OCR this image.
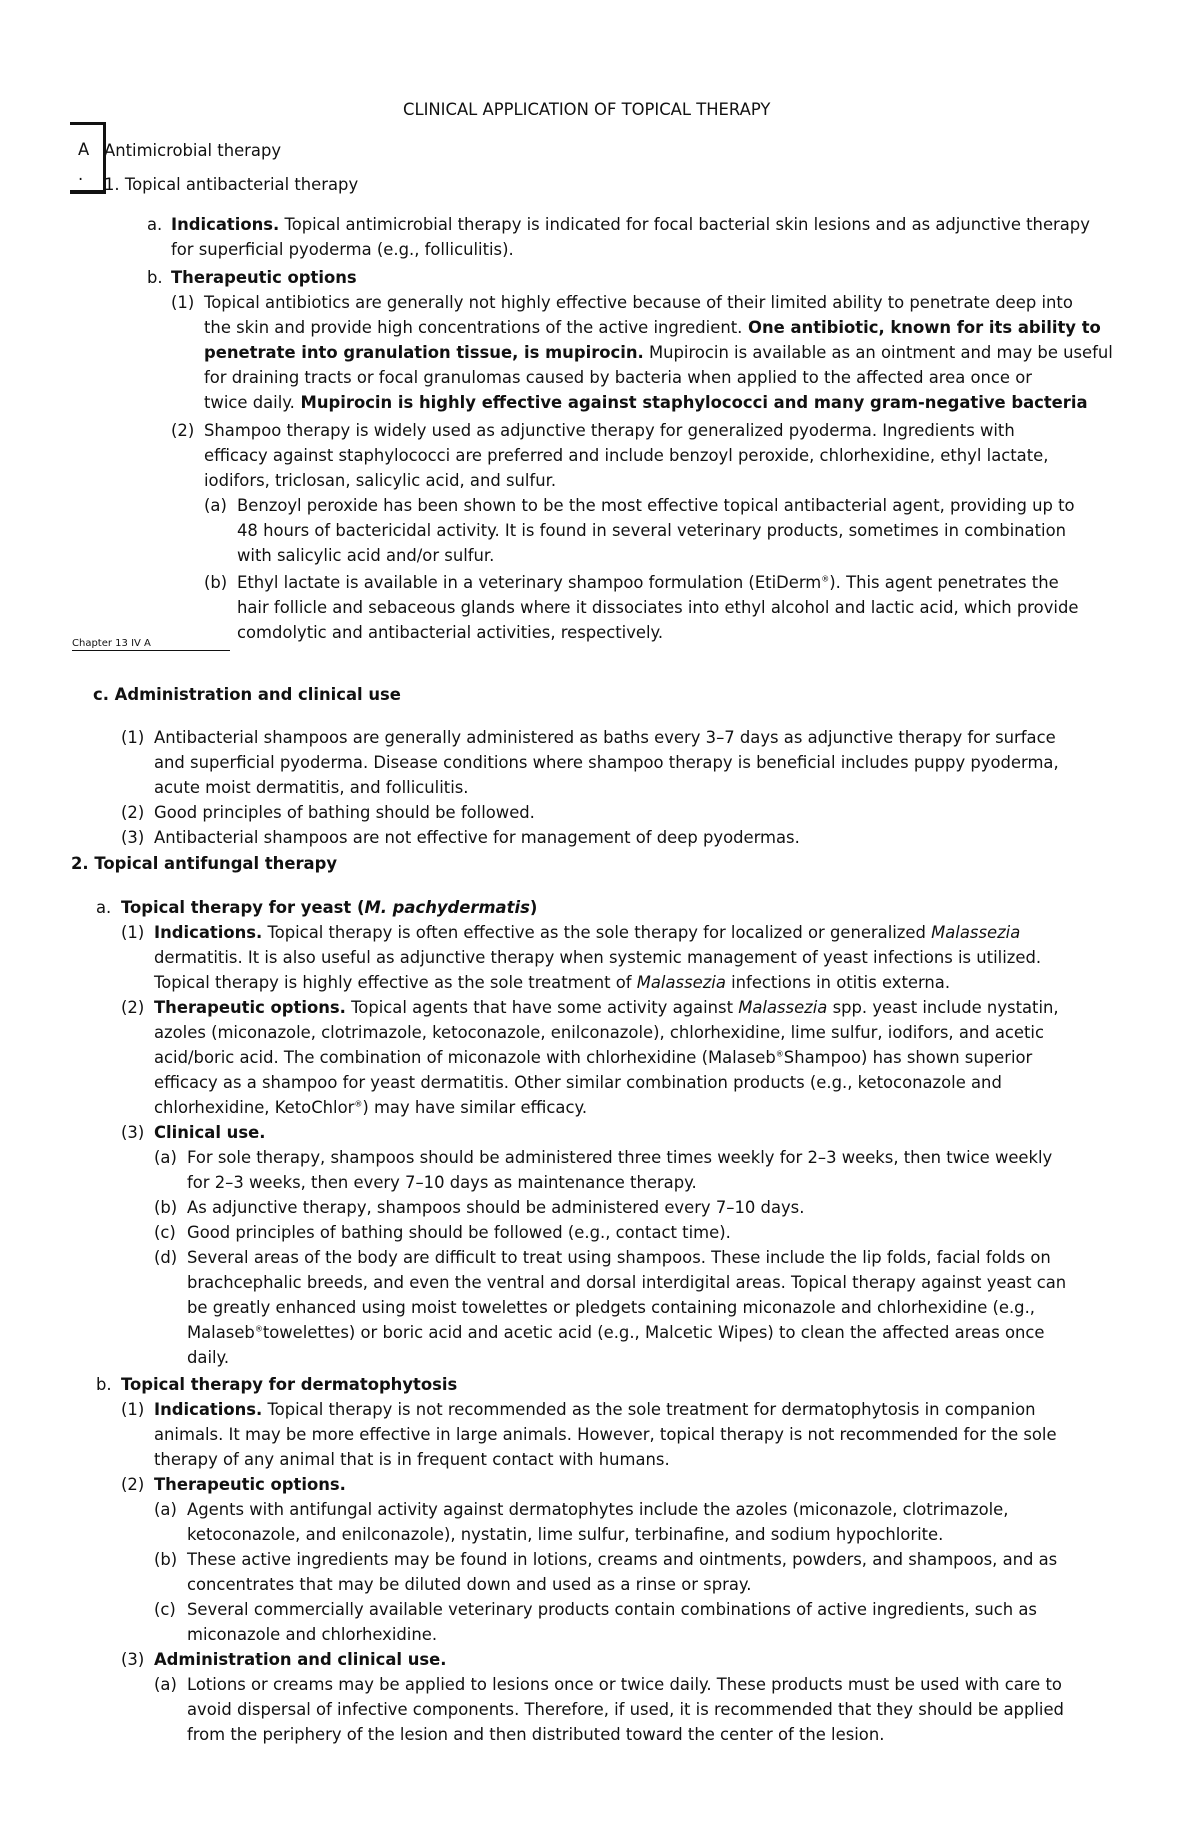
CLINICAL APPLICATION OF TOPICAL THERAPY
A
.
Antimicrobial therapy
1. Topical antibacterial therapy
a. Indications. Topical antimicrobial therapy is indicated for focal bacterial skin lesions and as adjunctive therapy
for superficial pyoderma (e.g., folliculitis).
b. Therapeutic options
(1) Topical antibiotics are generally not highly effective because of their limited ability to penetrate deep into
the skin and provide high concentrations of the active ingredient. One antibiotic, known for its ability to
penetrate into granulation tissue, is mupirocin. Mupirocin is available as an ointment and may be useful
for draining tracts or focal granulomas caused by bacteria when applied to the affected area once or
twice daily. Mupirocin is highly effective against staphylococci and many gram-negative bacteria
(2) Shampoo therapy is widely used as adjunctive therapy for generalized pyoderma. Ingredients with
efficacy against staphylococci are preferred and include benzoyl peroxide, chlorhexidine, ethyl lactate,
iodifors, triclosan, salicylic acid, and sulfur.
(a) Benzoyl peroxide has been shown to be the most effective topical antibacterial agent, providing up to
48 hours of bactericidal activity. It is found in several veterinary products, sometimes in combination
with salicylic acid and/or sulfur.
(b) Ethyl lactate is available in a veterinary shampoo formulation (EtiDerm®). This agent penetrates the
hair follicle and sebaceous glands where it dissociates into ethyl alcohol and lactic acid, which provide
comdolytic and antibacterial activities, respectively.
Chapter 13 IV A
c. Administration and clinical use
(1) Antibacterial shampoos are generally administered as baths every 3–7 days as adjunctive therapy for surface
and superficial pyoderma. Disease conditions where shampoo therapy is beneficial includes puppy pyoderma,
acute moist dermatitis, and folliculitis.
(2) Good principles of bathing should be followed.
(3) Antibacterial shampoos are not effective for management of deep pyodermas.
2. Topical antifungal therapy
a. Topical therapy for yeast (M. pachydermatis)
(1) Indications. Topical therapy is often effective as the sole therapy for localized or generalized Malassezia
dermatitis. It is also useful as adjunctive therapy when systemic management of yeast infections is utilized.
Topical therapy is highly effective as the sole treatment of Malassezia infections in otitis externa.
(2) Therapeutic options. Topical agents that have some activity against Malassezia spp. yeast include nystatin,
azoles (miconazole, clotrimazole, ketoconazole, enilconazole), chlorhexidine, lime sulfur, iodifors, and acetic
acid/boric acid. The combination of miconazole with chlorhexidine (Malaseb®Shampoo) has shown superior
efficacy as a shampoo for yeast dermatitis. Other similar combination products (e.g., ketoconazole and
chlorhexidine, KetoChlor®) may have similar efficacy.
(3) Clinical use.
(a) For sole therapy, shampoos should be administered three times weekly for 2–3 weeks, then twice weekly
for 2–3 weeks, then every 7–10 days as maintenance therapy.
(b) As adjunctive therapy, shampoos should be administered every 7–10 days.
(c) Good principles of bathing should be followed (e.g., contact time).
(d) Several areas of the body are difficult to treat using shampoos. These include the lip folds, facial folds on
brachcephalic breeds, and even the ventral and dorsal interdigital areas. Topical therapy against yeast can
be greatly enhanced using moist towelettes or pledgets containing miconazole and chlorhexidine (e.g.,
Malaseb®towelettes) or boric acid and acetic acid (e.g., Malcetic Wipes) to clean the affected areas once
daily.
b. Topical therapy for dermatophytosis
(1) Indications. Topical therapy is not recommended as the sole treatment for dermatophytosis in companion
animals. It may be more effective in large animals. However, topical therapy is not recommended for the sole
therapy of any animal that is in frequent contact with humans.
(2) Therapeutic options.
(a) Agents with antifungal activity against dermatophytes include the azoles (miconazole, clotrimazole,
ketoconazole, and enilconazole), nystatin, lime sulfur, terbinafine, and sodium hypochlorite.
(b) These active ingredients may be found in lotions, creams and ointments, powders, and shampoos, and as
concentrates that may be diluted down and used as a rinse or spray.
(c) Several commercially available veterinary products contain combinations of active ingredients, such as
miconazole and chlorhexidine.
(3) Administration and clinical use.
(a) Lotions or creams may be applied to lesions once or twice daily. These products must be used with care to
avoid dispersal of infective components. Therefore, if used, it is recommended that they should be applied
from the periphery of the lesion and then distributed toward the center of the lesion.
